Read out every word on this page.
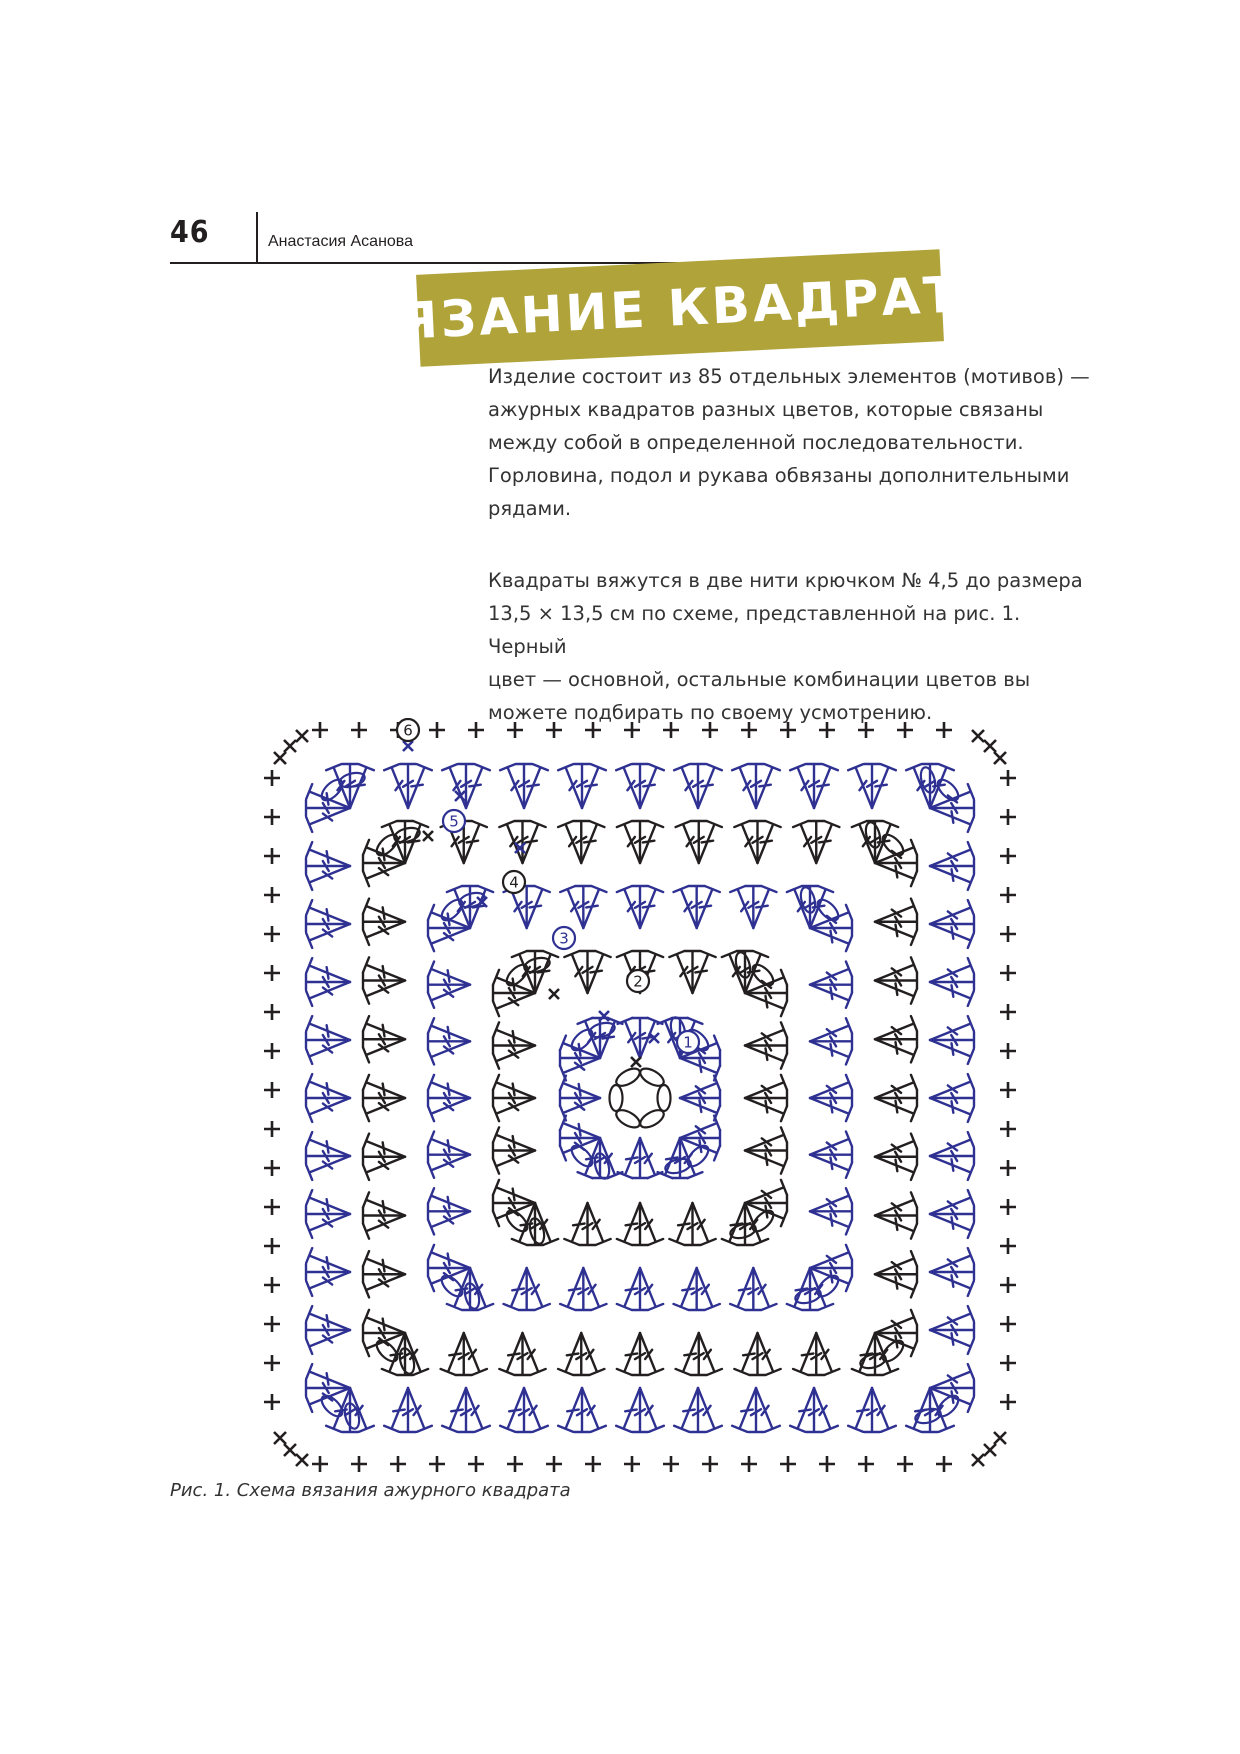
46	Анастасия Асанова
ВЯЗАНИЕ КВАДРАТА

Изделие состоит из 85 отдельных элементов (мотивов) —
ажурных квадратов разных цветов, которые связаны
между собой в определенной последовательности.
Горловина, подол и рукава обвязаны дополнительными
рядами.

Квадраты вяжутся в две нити крючком № 4,5 до размера
13,5 × 13,5 см по схеме, представленной на рис. 1. Черный
цвет — основной, остальные комбинации цветов вы
можете подбирать по своему усмотрению.

1
2
3
4
5
6
Рис. 1. Схема вязания ажурного квадрата
